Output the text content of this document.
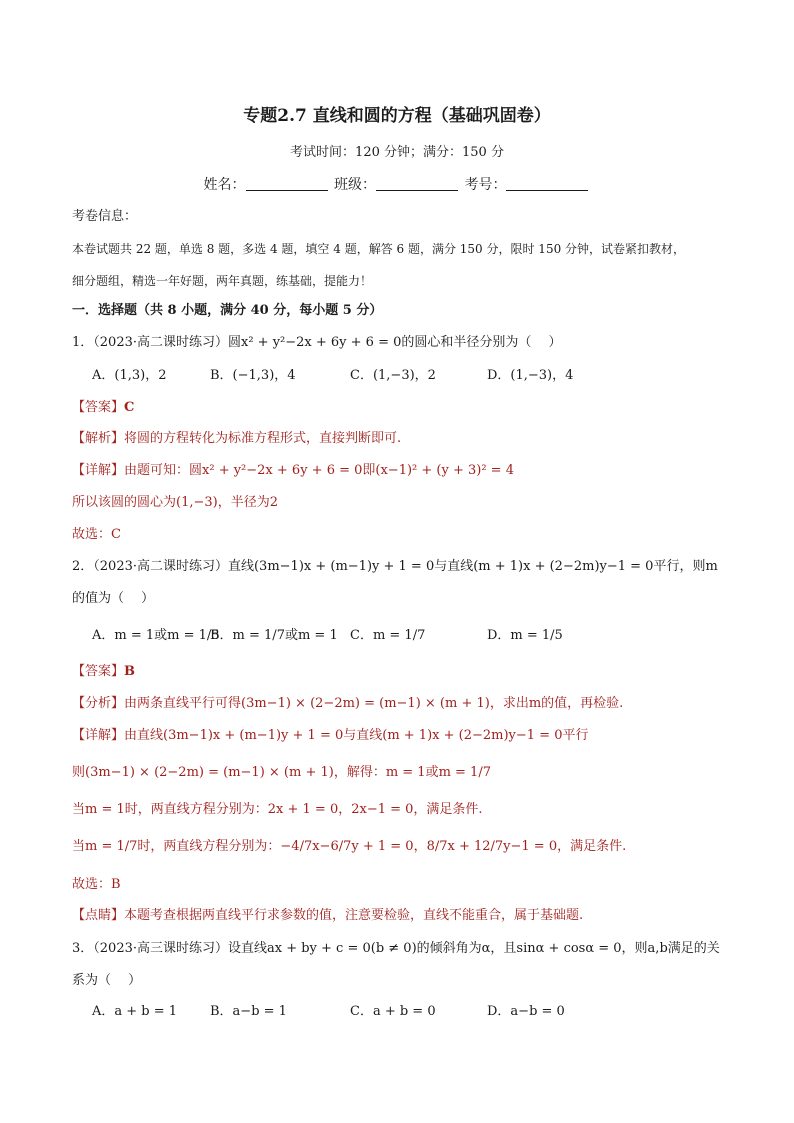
专题2.7 直线和圆的方程（基础巩固卷）
考试时间：120 分钟；满分：150 分
姓名：	班级：	考号：
考卷信息：
本卷试题共 22 题，单选 8 题，多选 4 题，填空 4 题，解答 6 题，满分 150 分，限时 150 分钟，试卷紧扣教材，
细分题组，精选一年好题，两年真题，练基础，提能力！
一．选择题（共 8 小题，满分 40 分，每小题 5 分）
1．（2023·高二课时练习）圆x² + y²−2x + 6y + 6 = 0的圆心和半径分别为（　 ）
A．(1,3)，2	B．(−1,3)，4	C．(1,−3)，2	D．(1,−3)，4
【答案】C
【解析】将圆的方程转化为标准方程形式，直接判断即可.
【详解】由题可知：圆x² + y²−2x + 6y + 6 = 0即(x−1)² + (y + 3)² = 4
所以该圆的圆心为(1,−3)，半径为2
故选：C
2．（2023·高二课时练习）直线(3m−1)x + (m−1)y + 1 = 0与直线(m + 1)x + (2−2m)y−1 = 0平行，则m
的值为（　 ）
A．m = 1或m = 1/5
B．m = 1/7或m = 1 C．m = 1/7	D．m = 1/5
【答案】B
【分析】由两条直线平行可得(3m−1) × (2−2m) = (m−1) × (m + 1)，求出m的值，再检验.
【详解】由直线(3m−1)x + (m−1)y + 1 = 0与直线(m + 1)x + (2−2m)y−1 = 0平行
则(3m−1) × (2−2m) = (m−1) × (m + 1)，解得：m = 1或m = 1/7
当m = 1时，两直线方程分别为：2x + 1 = 0，2x−1 = 0，满足条件.
当m = 1/7时，两直线方程分别为：−4/7x−6/7y + 1 = 0，8/7x + 12/7y−1 = 0，满足条件.
故选：B
【点睛】本题考查根据两直线平行求参数的值，注意要检验，直线不能重合，属于基础题.
3．（2023·高三课时练习）设直线ax + by + c = 0(b ≠ 0)的倾斜角为α，且sinα + cosα = 0，则a,b满足的关
系为（　 ）
A．a + b = 1	B．a−b = 1	C．a + b = 0	D．a−b = 0
